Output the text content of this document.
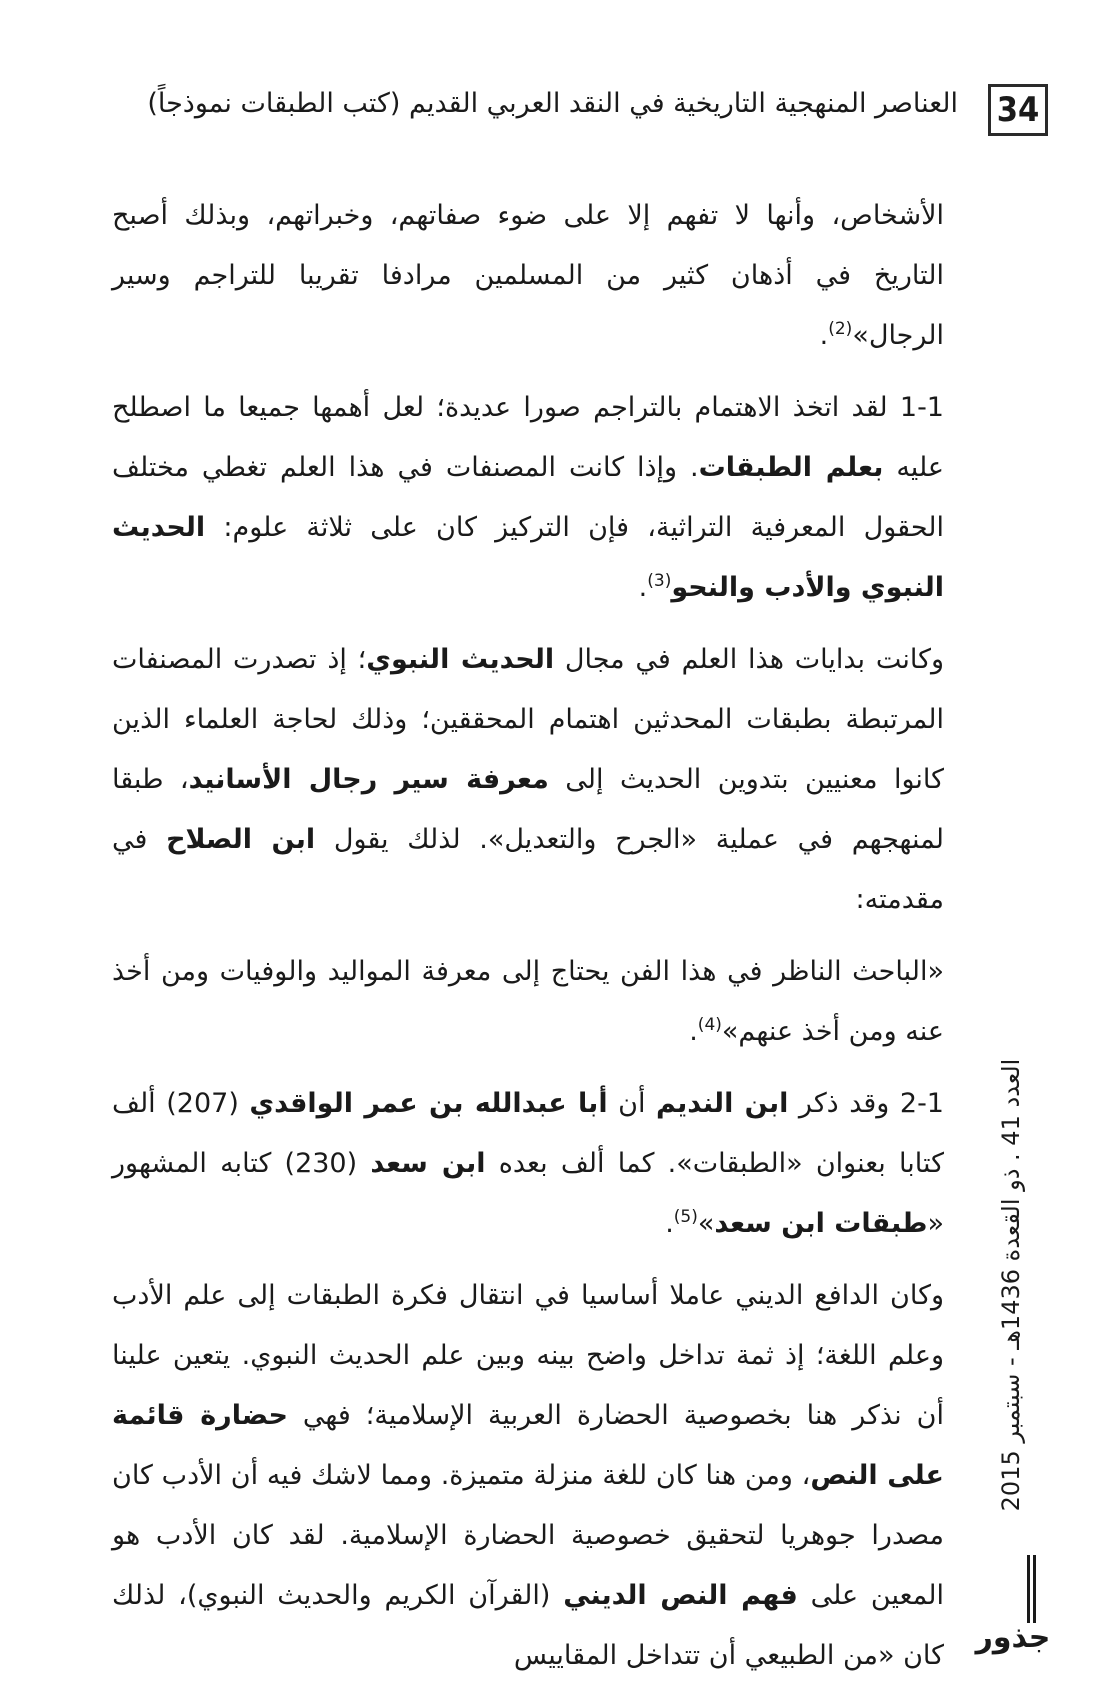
34
العناصر المنهجية التاريخية في النقد العربي القديم (كتب الطبقات نموذجاً)

الأشخاص، وأنها لا تفهم إلا على ضوء صفاتهم، وخبراتهم، وبذلك أصبح التاريخ في أذهان كثير من المسلمين مرادفا تقريبا للتراجم وسير الرجال»$^{(2)}$.

1-1 لقد اتخذ الاهتمام بالتراجم صورا عديدة؛ لعل أهمها جميعا ما اصطلح عليه بعلم الطبقات. وإذا كانت المصنفات في هذا العلم تغطي مختلف الحقول المعرفية التراثية، فإن التركيز كان على ثلاثة علوم: الحديث النبوي والأدب والنحو$^{(3)}$.

وكانت بدايات هذا العلم في مجال الحديث النبوي؛ إذ تصدرت المصنفات المرتبطة بطبقات المحدثين اهتمام المحققين؛ وذلك لحاجة العلماء الذين كانوا معنيين بتدوين الحديث إلى معرفة سير رجال الأسانيد، طبقا لمنهجهم في عملية «الجرح والتعديل». لذلك يقول ابن الصلاح في مقدمته:

«الباحث الناظر في هذا الفن يحتاج إلى معرفة المواليد والوفيات ومن أخذ عنه ومن أخذ عنهم»$^{(4)}$.

2-1 وقد ذكر ابن النديم أن أبا عبدالله بن عمر الواقدي (207) ألف كتابا بعنوان «الطبقات». كما ألف بعده ابن سعد (230) كتابه المشهور «طبقات ابن سعد»$^{(5)}$.

وكان الدافع الديني عاملا أساسيا في انتقال فكرة الطبقات إلى علم الأدب وعلم اللغة؛ إذ ثمة تداخل واضح بينه وبين علم الحديث النبوي. يتعين علينا أن نذكر هنا بخصوصية الحضارة العربية الإسلامية؛ فهي حضارة قائمة على النص، ومن هنا كان للغة منزلة متميزة. ومما لاشك فيه أن الأدب كان مصدرا جوهريا لتحقيق خصوصية الحضارة الإسلامية. لقد كان الأدب هو المعين على فهم النص الديني (القرآن الكريم والحديث النبوي)، لذلك كان «من الطبيعي أن تتداخل المقاييس

العدد 41 . ذو القعدة 1436هـ - سبتمبر 2015
جذور
